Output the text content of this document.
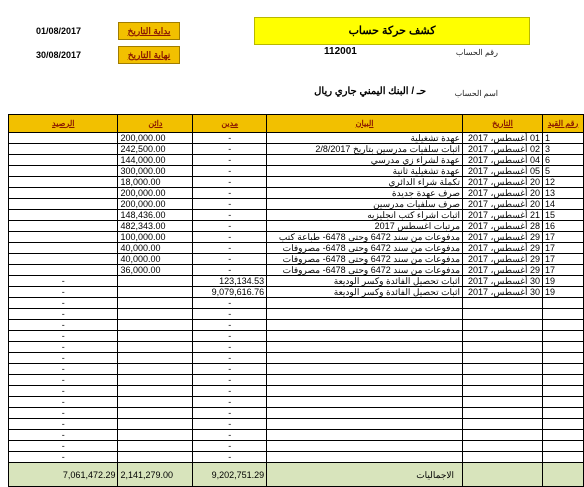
01/08/2017	بداية التاريخ
30/08/2017	نهاية التاريخ
كشف حركة حساب
112001	رقم الحساب
حـ / البنك اليمني جاري ريال	اسم الحساب
الرصيد	دائن	مدين	البيان	التاريخ	رقم القيد
	200,000.00	-	عهدة تشغيلية	01 أغسطس، 2017	1
	242,500.00	-	اثبات سلفيات مدرسين بتاريخ 2/8/2017	02 أغسطس، 2017	3
	144,000.00	-	عهدة لشراء زي مدرسي	04 أغسطس، 2017	6
	300,000.00	-	عهدة تشغيلية ثانية	05 أغسطس، 2017	5
	18,000.00	-	تكملة شراء الدائري	20 أغسطس، 2017	12
	200,000.00	-	صرف عهدة جديدة	20 أغسطس، 2017	13
	200,000.00	-	صرف سلفيات مدرسين	20 أغسطس، 2017	14
	148,436.00	-	اثبات اشراء كتب انجليزيه	21 أغسطس، 2017	15
	482,343.00	-	مرتبات اغسطس 2017	28 أغسطس، 2017	16
	100,000.00	-	مدفوعات من سند 6472 وحتى 6478- طباعة كتب	29 أغسطس، 2017	17
	40,000.00	-	مدفوعات من سند 6472 وحتى 6478- مصروفات	29 أغسطس، 2017	17
	40,000.00	-	مدفوعات من سند 6472 وحتى 6478- مصروفات	29 أغسطس، 2017	17
	36,000.00	-	مدفوعات من سند 6472 وحتى 6478- مصروفات	29 أغسطس، 2017	17
-		123,134.53	اثبات تحصيل الفائدة وكسر الوديعة	30 أغسطس، 2017	19
-		9,079,616.76	اثبات تحصيل الفائدة وكسر الوديعة	30 أغسطس، 2017	19
-		-			
-		-			
-		-			
-		-			
-		-			
-		-			
-		-			
-		-			
-		-			
-		-			
-		-			
-		-			
-		-			
-		-			
-		-			
7,061,472.29	2,141,279.00	9,202,751.29	الاجماليات		
